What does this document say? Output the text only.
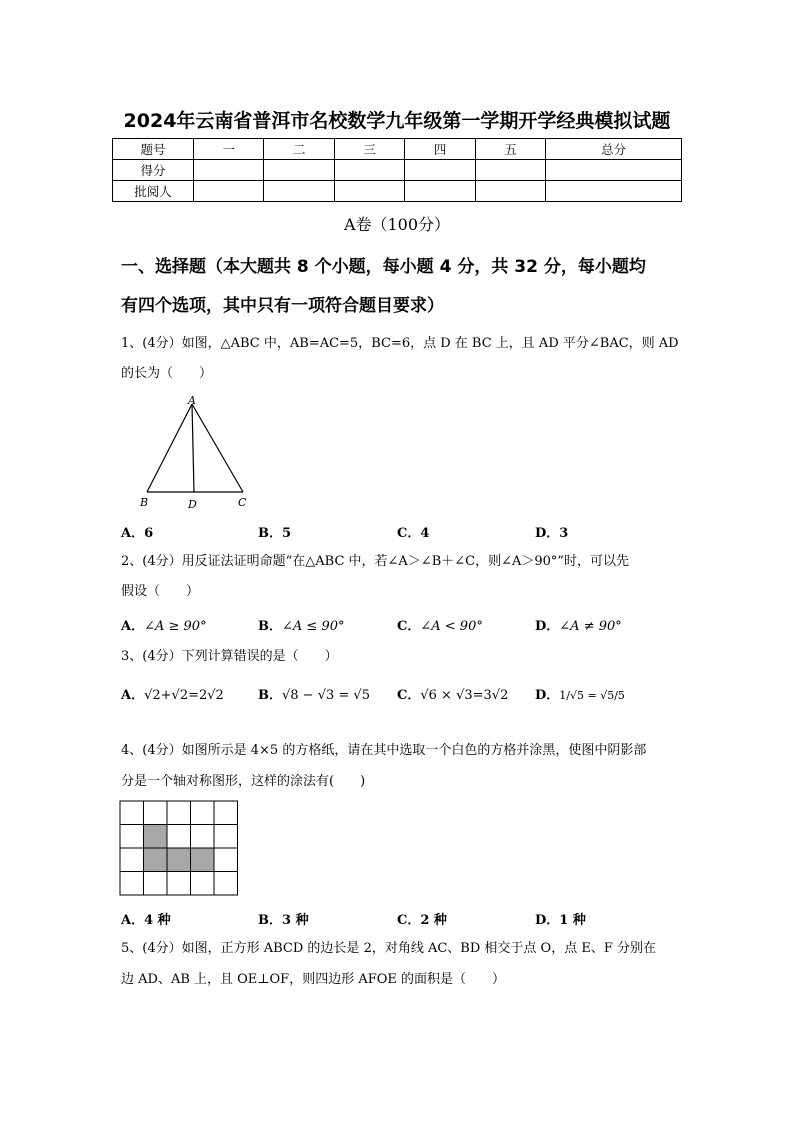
2024年云南省普洱市名校数学九年级第一学期开学经典模拟试题
题号	一	二	三	四	五	总分
得分						
批阅人						
A卷（100分）
一、选择题（本大题共 8 个小题，每小题 4 分，共 32 分，每小题均
有四个选项，其中只有一项符合题目要求）
1、(4分）如图，△ABC 中，AB=AC=5，BC=6，点 D 在 BC 上，且 AD 平分∠BAC，则 AD
的长为（　　）
A
B	D	C
A．6	B．5	C．4	D．3
2、(4分）用反证法证明命题“在△ABC 中，若∠A＞∠B＋∠C，则∠A＞90°”时，可以先
假设（　　）
A．∠A ≥ 90°	B．∠A ≤ 90°	C．∠A < 90°	D．∠A ≠ 90°
3、(4分）下列计算错误的是（　　）
A．√2+√2=2√2	B．√8 − √3 = √5 C．√6 × √3=3√2 D．1/√5 = √5/5
4、(4分）如图所示是 4×5 的方格纸，请在其中选取一个白色的方格并涂黑，使图中阴影部
分是一个轴对称图形，这样的涂法有(　　)
A．4 种	B．3 种	C．2 种	D．1 种
5、(4分）如图，正方形 ABCD 的边长是 2，对角线 AC、BD 相交于点 O，点 E、F 分别在
边 AD、AB 上，且 OE⊥OF，则四边形 AFOE 的面积是（　　）
